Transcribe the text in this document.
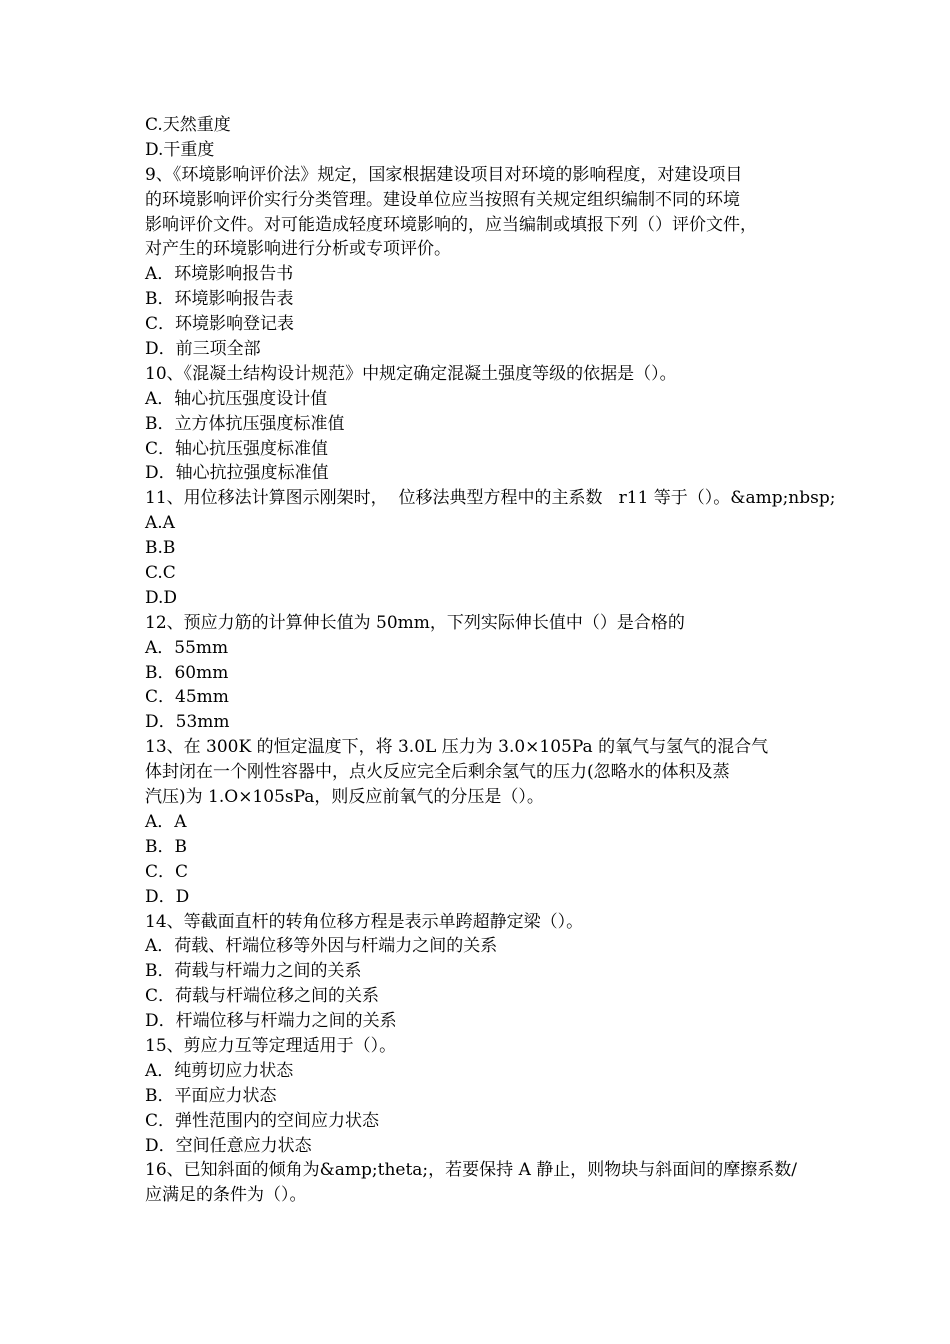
C.天然重度

D.干重度

9、《环境影响评价法》规定，国家根据建设项目对环境的影响程度，对建设项目

的环境影响评价实行分类管理。建设单位应当按照有关规定组织编制不同的环境

影响评价文件。对可能造成轻度环境影响的，应当编制或填报下列（）评价文件，

对产生的环境影响进行分析或专项评价。

A．环境影响报告书

B．环境影响报告表

C．环境影响登记表

D．前三项全部

10、《混凝土结构设计规范》中规定确定混凝土强度等级的依据是（）。

A．轴心抗压强度设计值

B．立方体抗压强度标准值

C．轴心抗压强度标准值

D．轴心抗拉强度标准值

11、用位移法计算图示刚架时，  位移法典型方程中的主系数   r11 等于（）。&amp;nbsp;

A.A

B.B

C.C

D.D

12、预应力筋的计算伸长值为 50mm，下列实际伸长值中（）是合格的

A．55mm

B．60mm

C．45mm

D．53mm

13、在 300K 的恒定温度下，将 3.0L 压力为 3.0×105Pa 的氧气与氢气的混合气

体封闭在一个刚性容器中，点火反应完全后剩余氢气的压力(忽略水的体积及蒸

汽压)为 1.O×105sPa，则反应前氧气的分压是（）。

A．A

B．B

C．C

D．D

14、等截面直杆的转角位移方程是表示单跨超静定梁（）。

A．荷载、杆端位移等外因与杆端力之间的关系

B．荷载与杆端力之间的关系

C．荷载与杆端位移之间的关系

D．杆端位移与杆端力之间的关系

15、剪应力互等定理适用于（）。

A．纯剪切应力状态

B．平面应力状态

C．弹性范围内的空间应力状态

D．空间任意应力状态

16、已知斜面的倾角为&amp;theta;，若要保持 A 静止，则物块与斜面间的摩擦系数/

应满足的条件为（）。
